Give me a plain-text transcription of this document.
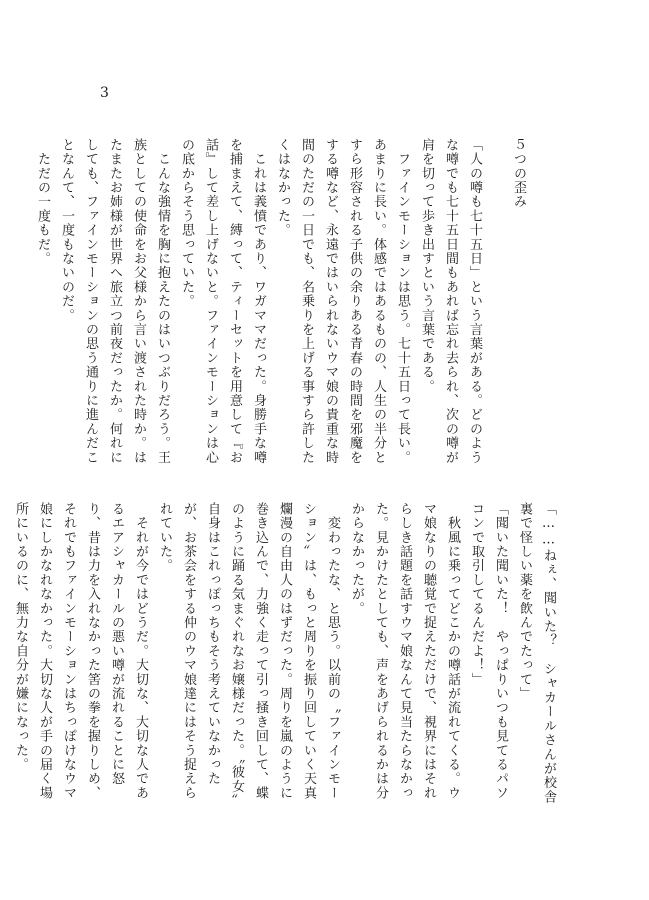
3
５つの歪み
「人の噂も七十五日」という言葉がある。どのような噂でも七十五日間もあれば忘れ去られ、次の噂が肩を切って歩き出すという言葉である。
　ファインモーションは思う。七十五日って長い。あまりに長い。体感ではあるものの、人生の半分とすら形容される子供の余りある青春の時間を邪魔をする噂など、永遠ではいられないウマ娘の貴重な時間のただの一日でも、名乗りを上げる事すら許したくはなかった。
　これは義憤であり、ワガママだった。身勝手な噂を捕まえて、縛って、ティーセットを用意して『お話』して差し上げないと。ファインモーションは心の底からそう思っていた。
　こんな強情を胸に抱えたのはいつぶりだろう。王族としての使命をお父様から言い渡された時か。はたまたお姉様が世界へ旅立つ前夜だったか。何れにしても、ファインモーションの思う通りに進んだことなんて、一度もないのだ。
　ただの一度もだ。
「……ねぇ、聞いた？　シャカールさんが校舎裏で怪しい薬を飲んでたって」
「聞いた聞いた！　やっぱりいつも見てるパソコンで取引してるんだよ！」
　秋風に乗ってどこかの噂話が流れてくる。ウマ娘なりの聴覚で捉えただけで、視界にはそれらしき話題を話すウマ娘なんて見当たらなかった。見かけたとしても、声をあげられるかは分からなかったが。
　変わったな、と思う。以前の〝ファインモーション〟は、もっと周りを振り回していく天真爛漫の自由人のはずだった。周りを嵐のように巻き込んで、力強く走って引っ掻き回して、蝶のように踊る気まぐれなお嬢様だった。〝彼女〟自身はこれっぽっちもそう考えていなかったが、お茶会をする仲のウマ娘達にはそう捉えられていた。
　それが今ではどうだ。大切な、大切な人であるエアシャカールの悪い噂が流れることに怒り、昔は力を入れなかった筈の拳を握りしめ、それでもファインモーションはちっぽけなウマ娘にしかなれなかった。大切な人が手の届く場所にいるのに、無力な自分が嫌になった。
